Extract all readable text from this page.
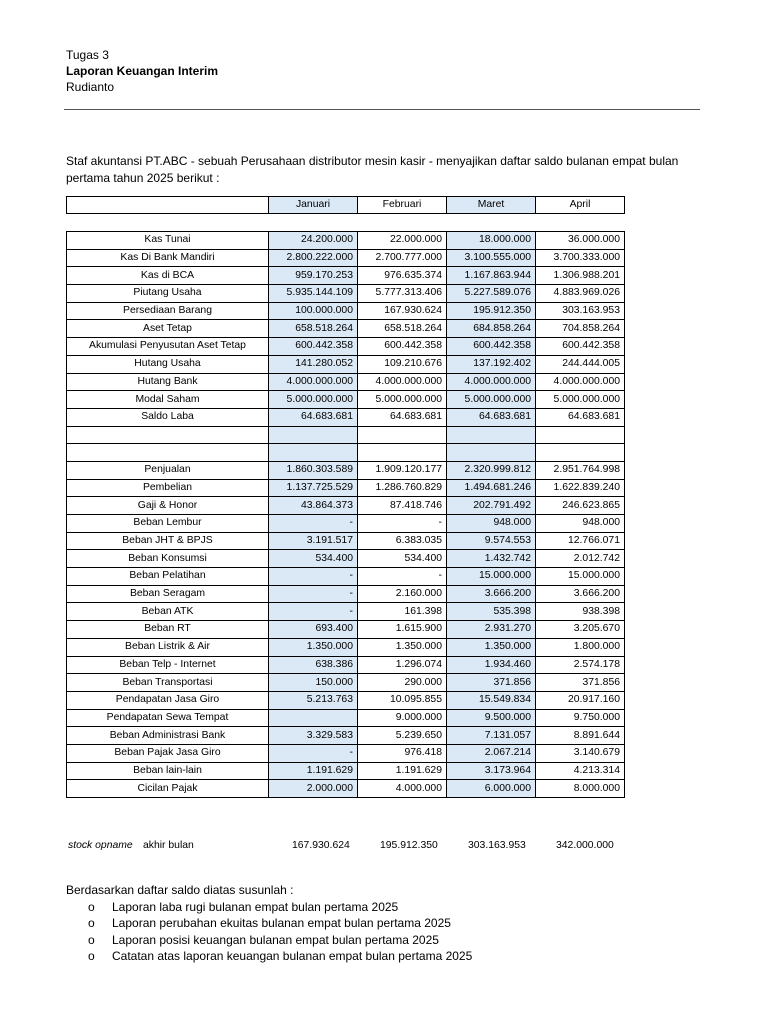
Tugas 3
Laporan Keuangan Interim
Rudianto
Staf akuntansi PT.ABC - sebuah Perusahaan distributor mesin kasir - menyajikan daftar saldo bulanan empat bulan pertama tahun 2025 berikut :
	Januari	Februari	Maret	April
Kas Tunai	24.200.000	22.000.000	18.000.000	36.000.000
Kas Di Bank Mandiri	2.800.222.000	2.700.777.000	3.100.555.000	3.700.333.000
Kas di BCA	959.170.253	976.635.374	1.167.863.944	1.306.988.201
Piutang Usaha	5.935.144.109	5.777.313.406	5.227.589.076	4.883.969.026
Persediaan Barang	100.000.000	167.930.624	195.912.350	303.163.953
Aset Tetap	658.518.264	658.518.264	684.858.264	704.858.264
Akumulasi Penyusutan Aset Tetap	600.442.358	600.442.358	600.442.358	600.442.358
Hutang Usaha	141.280.052	109.210.676	137.192.402	244.444.005
Hutang Bank	4.000.000.000	4.000.000.000	4.000.000.000	4.000.000.000
Modal Saham	5.000.000.000	5.000.000.000	5.000.000.000	5.000.000.000
Saldo Laba	64.683.681	64.683.681	64.683.681	64.683.681

Penjualan	1.860.303.589	1.909.120.177	2.320.999.812	2.951.764.998
Pembelian	1.137.725.529	1.286.760.829	1.494.681.246	1.622.839.240
Gaji & Honor	43.864.373	87.418.746	202.791.492	246.623.865
Beban Lembur	-	-	948.000	948.000
Beban JHT & BPJS	3.191.517	6.383.035	9.574.553	12.766.071
Beban Konsumsi	534.400	534.400	1.432.742	2.012.742
Beban Pelatihan	-	-	15.000.000	15.000.000
Beban Seragam	-	2.160.000	3.666.200	3.666.200
Beban ATK	-	161.398	535.398	938.398
Beban RT	693.400	1.615.900	2.931.270	3.205.670
Beban Listrik & Air	1.350.000	1.350.000	1.350.000	1.800.000
Beban Telp - Internet	638.386	1.296.074	1.934.460	2.574.178
Beban Transportasi	150.000	290.000	371.856	371.856
Pendapatan Jasa Giro	5.213.763	10.095.855	15.549.834	20.917.160
Pendapatan Sewa Tempat		9.000.000	9.500.000	9.750.000
Beban Administrasi Bank	3.329.583	5.239.650	7.131.057	8.891.644
Beban Pajak Jasa Giro	-	976.418	2.067.214	3.140.679
Beban lain-lain	1.191.629	1.191.629	3.173.964	4.213.314
Cicilan Pajak	2.000.000	4.000.000	6.000.000	8.000.000
stock opname akhir bulan	167.930.624	195.912.350	303.163.953	342.000.000
Berdasarkan daftar saldo diatas susunlah :
o Laporan laba rugi bulanan empat bulan pertama 2025
o Laporan perubahan ekuitas bulanan empat bulan pertama 2025
o Laporan posisi keuangan bulanan empat bulan pertama 2025
o Catatan atas laporan keuangan bulanan empat bulan pertama 2025
